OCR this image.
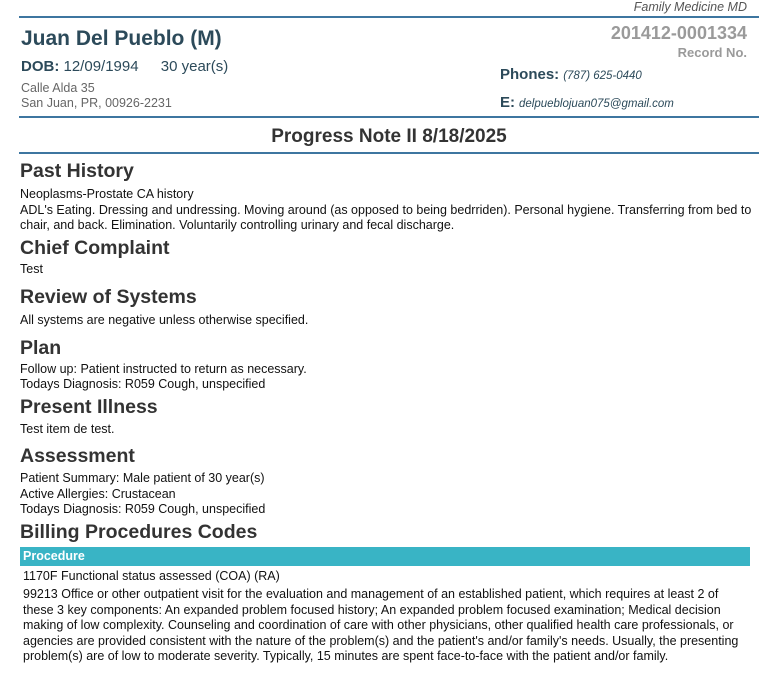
Family Medicine MD
Juan Del Pueblo (M)
DOB: 12/09/1994 30 year(s)
Calle Alda 35
San Juan, PR, 00926-2231
201412-0001334
Record No.
Phones: (787) 625-0440
E: delpueblojuan075@gmail.com
Progress Note II 8/18/2025
Past History
Neoplasms-Prostate CA history
ADL's Eating. Dressing and undressing. Moving around (as opposed to being bedrriden). Personal hygiene. Transferring from bed to chair, and back. Elimination. Voluntarily controlling urinary and fecal discharge.
Chief Complaint
Test
Review of Systems
All systems are negative unless otherwise specified.
Plan
Follow up: Patient instructed to return as necessary.
Todays Diagnosis: R059 Cough, unspecified
Present Illness
Test item de test.
Assessment
Patient Summary: Male patient of 30 year(s)
Active Allergies: Crustacean
Todays Diagnosis: R059 Cough, unspecified
Billing Procedures Codes
Procedure
1170F Functional status assessed (COA) (RA)
99213 Office or other outpatient visit for the evaluation and management of an established patient, which requires at least 2 of these 3 key components: An expanded problem focused history; An expanded problem focused examination; Medical decision making of low complexity. Counseling and coordination of care with other physicians, other qualified health care professionals, or agencies are provided consistent with the nature of the problem(s) and the patient's and/or family's needs. Usually, the presenting problem(s) are of low to moderate severity. Typically, 15 minutes are spent face-to-face with the patient and/or family.
